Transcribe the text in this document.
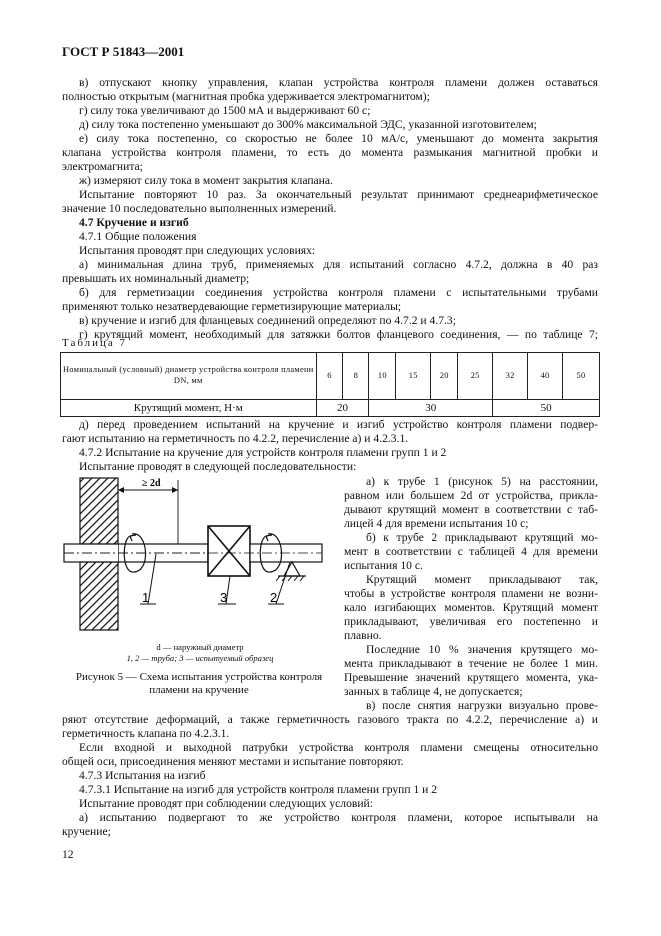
ГОСТ Р 51843—2001
в) отпускают кнопку управления, клапан устройства контроля пламени должен оставаться
полностью открытым (магнитная пробка удерживается электромагнитом);
г) силу тока увеличивают до 1500 мА и выдерживают 60 с;
д) силу тока постепенно уменьшают до 300% максимальной ЭДС, указанной изготовителем;
е) силу тока постепенно, со скоростью не более 10 мА/с, уменьшают до момента закрытия
клапана устройства контроля пламени, то есть до момента размыкания магнитной пробки и
электромагнита;
ж) измеряют силу тока в момент закрытия клапана.
Испытание повторяют 10 раз. За окончательный результат принимают среднеарифметическое
значение 10 последовательно выполненных измерений.
4.7 Кручение и изгиб
4.7.1 Общие положения
Испытания проводят при следующих условиях:
а) минимальная длина труб, применяемых для испытаний согласно 4.7.2, должна в 40 раз
превышать их номинальный диаметр;
б) для герметизации соединения устройства контроля пламени с испытательными трубами
применяют только незатвердевающие герметизирующие материалы;
в) кручение и изгиб для фланцевых соединений определяют по 4.7.2 и 4.7.3;
г) крутящий момент, необходимый для затяжки болтов фланцевого соединения, — по таблице 7;
Таблица 7
Номинальный (условный) диаметр устройства контроля пламени DN, мм	6	8	10	15	20	25	32	40	50
Крутящий момент, Н·м	20		30				50		
д) перед проведением испытаний на кручение и изгиб устройство контроля пламени подвер-
гают испытанию на герметичность по 4.2.2, перечисление а) и 4.2.3.1.
4.7.2 Испытание на кручение для устройств контроля пламени групп 1 и 2
Испытание проводят в следующей последовательности:
≥ 2d
1	3	2
d — наружный диаметр
1, 2 — труба; 3 — испытуемый образец
Рисунок 5 — Схема испытания устройства контроля
пламени на кручение
а) к трубе 1 (рисунок 5) на расстоянии,
равном или большем 2d от устройства, прикла-
дывают крутящий момент в соответствии с таб-
лицей 4 для времени испытания 10 с;
б) к трубе 2 прикладывают крутящий мо-
мент в соответствии с таблицей 4 для времени
испытания 10 с.
Крутящий момент прикладывают так,
чтобы в устройстве контроля пламени не возни-
кало изгибающих моментов. Крутящий момент
прикладывают, увеличивая его постепенно и
плавно.
Последние 10 % значения крутящего мо-
мента прикладывают в течение не более 1 мин.
Превышение значений крутящего момента, ука-
занных в таблице 4, не допускается;
в) после снятия нагрузки визуально прове-
ряют отсутствие деформаций, а также герметичность газового тракта по 4.2.2, перечисление а) и
герметичность клапана по 4.2.3.1.
Если входной и выходной патрубки устройства контроля пламени смещены относительно
общей оси, присоединения меняют местами и испытание повторяют.
4.7.3 Испытания на изгиб
4.7.3.1 Испытание на изгиб для устройств контроля пламени групп 1 и 2
Испытание проводят при соблюдении следующих условий:
а) испытанию подвергают то же устройство контроля пламени, которое испытывали на
кручение;
12
